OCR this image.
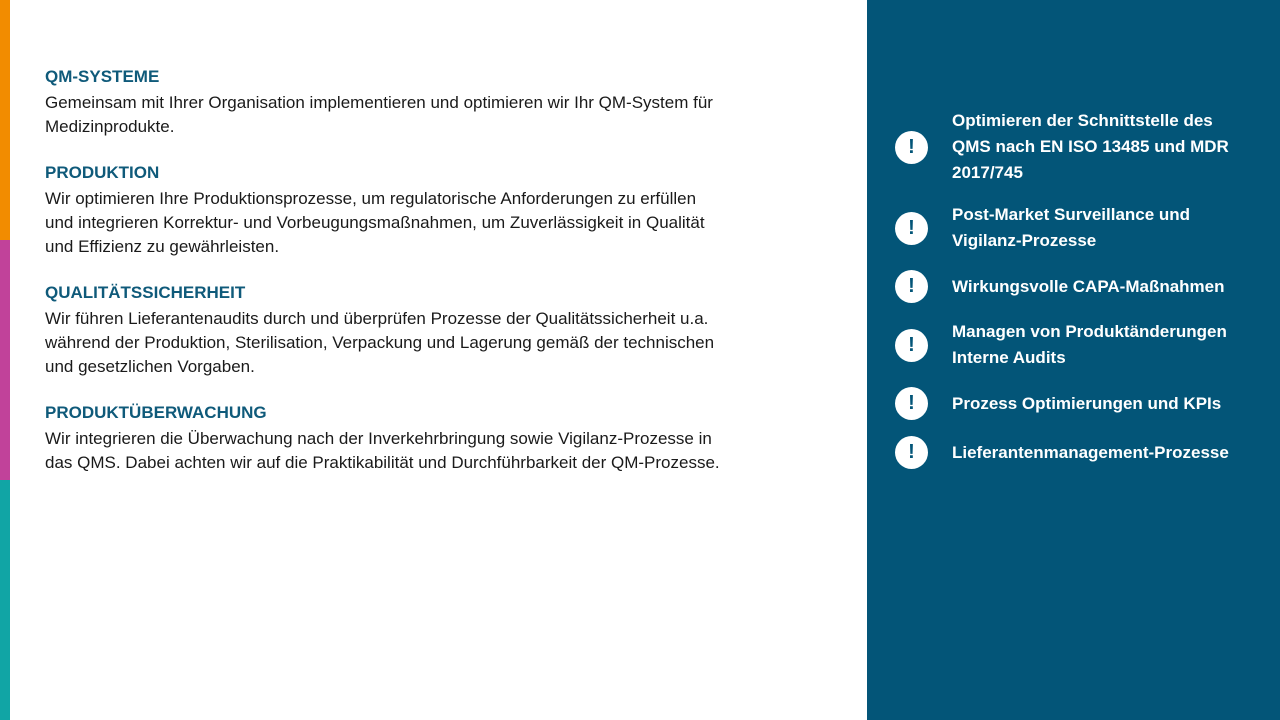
QM-SYSTEME

Gemeinsam mit Ihrer Organisation implementieren und optimieren wir Ihr QM-System für
Medizinprodukte.

PRODUKTION

Wir optimieren Ihre Produktionsprozesse, um regulatorische Anforderungen zu erfüllen
und integrieren Korrektur- und Vorbeugungsmaßnahmen, um Zuverlässigkeit in Qualität
und Effizienz zu gewährleisten.

QUALITÄTSSICHERHEIT

Wir führen Lieferantenaudits durch und überprüfen Prozesse der Qualitätssicherheit u.a.
während der Produktion, Sterilisation, Verpackung und Lagerung gemäß der technischen
und gesetzlichen Vorgaben.

PRODUKTÜBERWACHUNG

Wir integrieren die Überwachung nach der Inverkehrbringung sowie Vigilanz-Prozesse in
das QMS. Dabei achten wir auf die Praktikabilität und Durchführbarkeit der QM-Prozesse.

!
Optimieren der Schnittstelle des
QMS nach EN ISO 13485 und MDR
2017/745
!
Post-Market Surveillance und
Vigilanz-Prozesse
!	Wirkungsvolle CAPA-Maßnahmen
!
Managen von Produktänderungen
Interne Audits
!	Prozess Optimierungen und KPIs
!	Lieferantenmanagement-Prozesse
